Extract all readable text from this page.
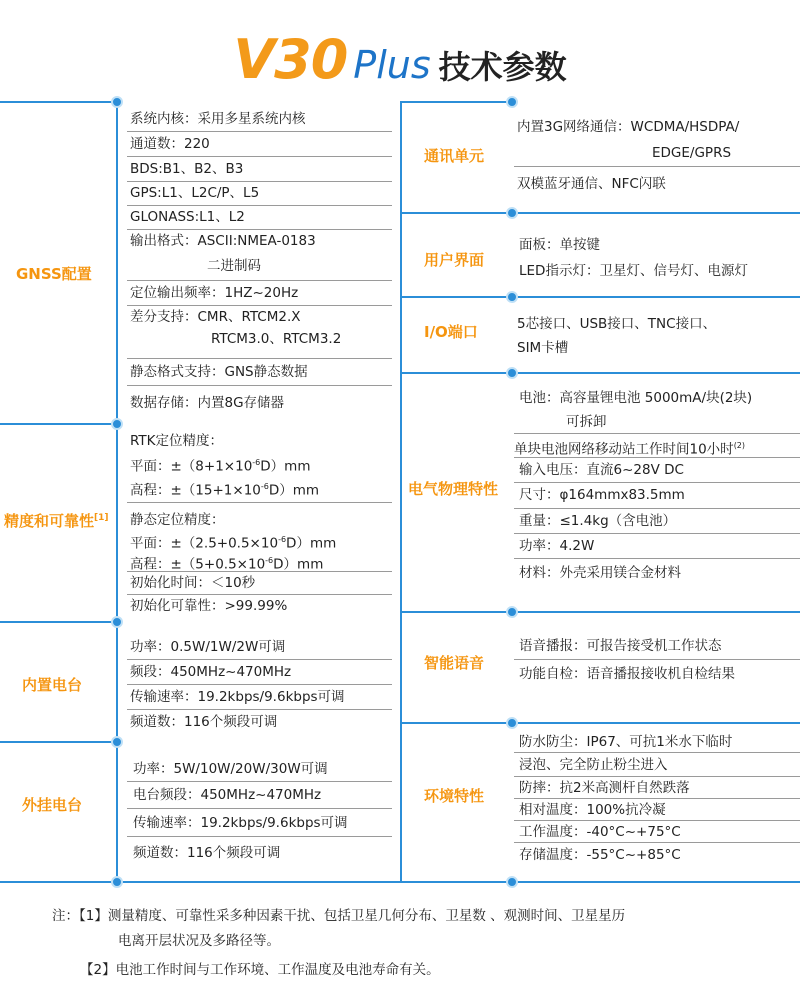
V30 Plus 技术参数
GNSS配置
精度和可靠性[1]
内置电台
外挂电台
系统内核：采用多星系统内核
通道数：220
BDS:B1、B2、B3
GPS:L1、L2C/P、L5
GLONASS:L1、L2
输出格式：ASCII:NMEA-0183
二进制码
定位输出频率：1HZ~20Hz
差分支持：CMR、RTCM2.X
RTCM3.0、RTCM3.2
静态格式支持：GNS静态数据
数据存储：内置8G存储器
RTK定位精度：
平面：$\pm(8+1\times 10^{-6}D)mm$
高程：$\pm(15+1\times 10^{-6}D)mm$
静态定位精度：
平面：$\pm(2.5+0.5\times 10^{-6}D)mm$
高程：$\pm(5+0.5\times 10^{-6}D)mm$
初始化时间：＜10秒
初始化可靠性：>99.99%
功率：0.5W/1W/2W可调
频段：450MHz~470MHz
传输速率：19.2kbps/9.6kbps可调
频道数：116个频段可调
功率：5W/10W/20W/30W可调
电台频段：450MHz~470MHz
传输速率：19.2kbps/9.6kbps可调
频道数：116个频段可调
通讯单元
用户界面
I/O端口
电气物理特性
智能语音
环境特性
内置3G网络通信：WCDMA/HSDPA/
EDGE/GPRS
双模蓝牙通信、NFC闪联
面板：单按键
LED指示灯：卫星灯、信号灯、电源灯
5芯接口、USB接口、TNC接口、
SIM卡槽
电池：高容量锂电池 5000mA/块(2块)
可拆卸
单块电池网络移动站工作时间10小时$^{(2)}$
输入电压：直流6~28V DC
尺寸：φ164mmx83.5mm
重量：≤1.4kg（含电池）
功率：4.2W
材料：外壳采用镁合金材料
语音播报：可报告接受机工作状态
功能自检：语音播报接收机自检结果
防水防尘：IP67、可抗1米水下临时
浸泡、完全防止粉尘进入
防摔：抗2米高测杆自然跌落
相对温度：100%抗冷凝
工作温度：-40°C~+75°C
存储温度：-55°C~+85°C
注：【1】测量精度、可靠性采多种因素干扰、包括卫星几何分布、卫星数 、观测时间、卫星星历
电离开层状况及多路径等。
【2】电池工作时间与工作环境、工作温度及电池寿命有关。
